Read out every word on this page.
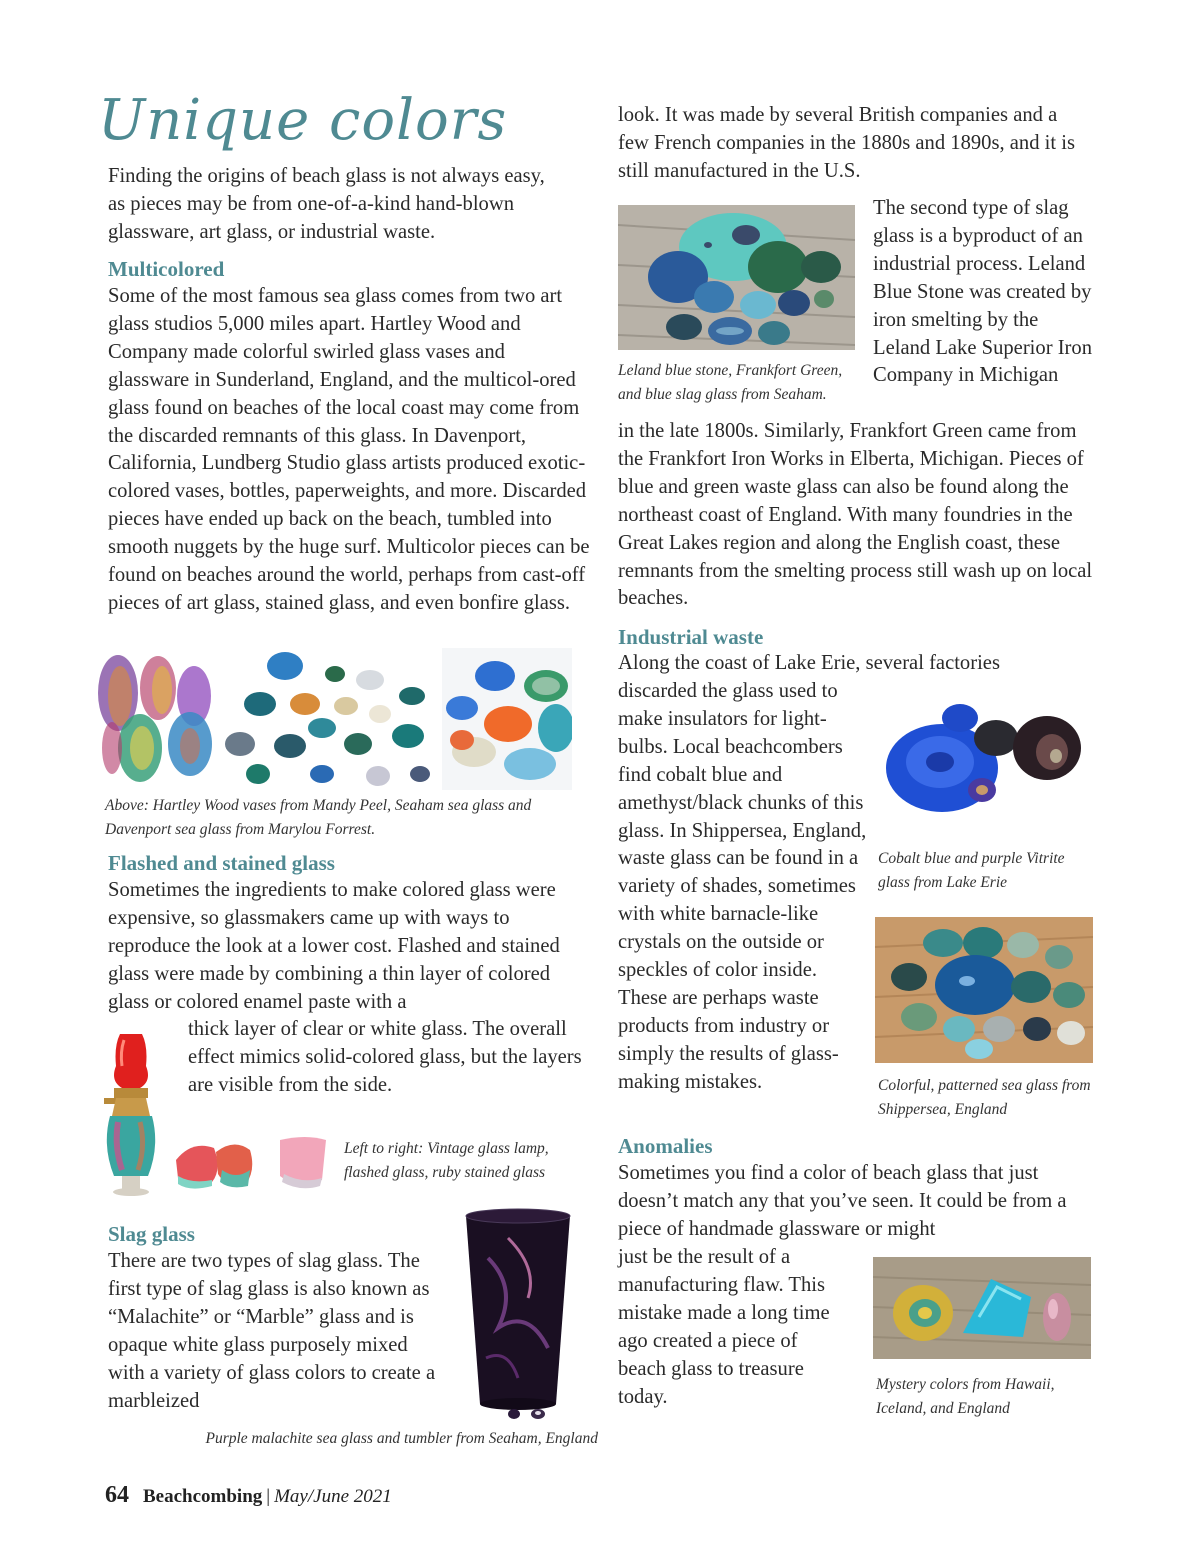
Unique colors

Finding the origins of beach glass is not always easy, as pieces may be from one-of-a-kind hand-blown glassware, art glass, or industrial waste.

Multicolored

Some of the most famous sea glass comes from two art glass studios 5,000 miles apart. Hartley Wood and Company made colorful swirled glass vases and glassware in Sunderland, England, and the multicol-ored glass found on beaches of the local coast may come from the discarded remnants of this glass. In Davenport, California, Lundberg Studio glass artists produced exotic-colored vases, bottles, paperweights, and more. Discarded pieces have ended up back on the beach, tumbled into smooth nuggets by the huge surf. Multicolor pieces can be found on beaches around the world, perhaps from cast-off pieces of art glass, stained glass, and even bonfire glass.

Above: Hartley Wood vases from Mandy Peel, Seaham sea glass and Davenport sea glass from Marylou Forrest.

Flashed and stained glass

Sometimes the ingredients to make colored glass were expensive, so glassmakers came up with ways to reproduce the look at a lower cost. Flashed and stained glass were made by combining a thin layer of colored glass or colored enamel paste with a

thick layer of clear or white glass. The overall effect mimics solid-colored glass, but the layers are visible from the side.

Left to right: Vintage glass lamp, flashed glass, ruby stained glass

Slag glass

There are two types of slag glass. The first type of slag glass is also known as “Malachite” or “Marble” glass and is opaque white glass purposely mixed with a variety of glass colors to create a marbleized

Purple malachite sea glass and tumbler from Seaham, England

look. It was made by several British companies and a few French companies in the 1880s and 1890s, and it is still manufactured in the U.S.

Leland blue stone, Frankfort Green, and blue slag glass from Seaham.

The second type of slag glass is a byproduct of an industrial process. Leland Blue Stone was created by iron smelting by the Leland Lake Superior Iron Company in Michigan

in the late 1800s. Similarly, Frankfort Green came from the Frankfort Iron Works in Elberta, Michigan. Pieces of blue and green waste glass can also be found along the northeast coast of England. With many foundries in the Great Lakes region and along the English coast, these remnants from the smelting process still wash up on local beaches.

Industrial waste

Along the coast of Lake Erie, several factories

discarded the glass used to make insulators for light-bulbs. Local beachcombers find cobalt blue and amethyst/black chunks of this glass. In Shippersea, England, waste glass can be found in a variety of shades, sometimes with white barnacle-like crystals on the outside or speckles of color inside. These are perhaps waste products from industry or simply the results of glass-making mistakes.

Cobalt blue and purple Vitrite glass from Lake Erie

Colorful, patterned sea glass from Shippersea, England

Anomalies

Sometimes you find a color of beach glass that just doesn’t match any that you’ve seen. It could be from a piece of handmade glassware or might

just be the result of a manufacturing flaw. This mistake made a long time ago created a piece of beach glass to treasure today.

Mystery colors from Hawaii, Iceland, and England

64 Beachcombing | May/June 2021
